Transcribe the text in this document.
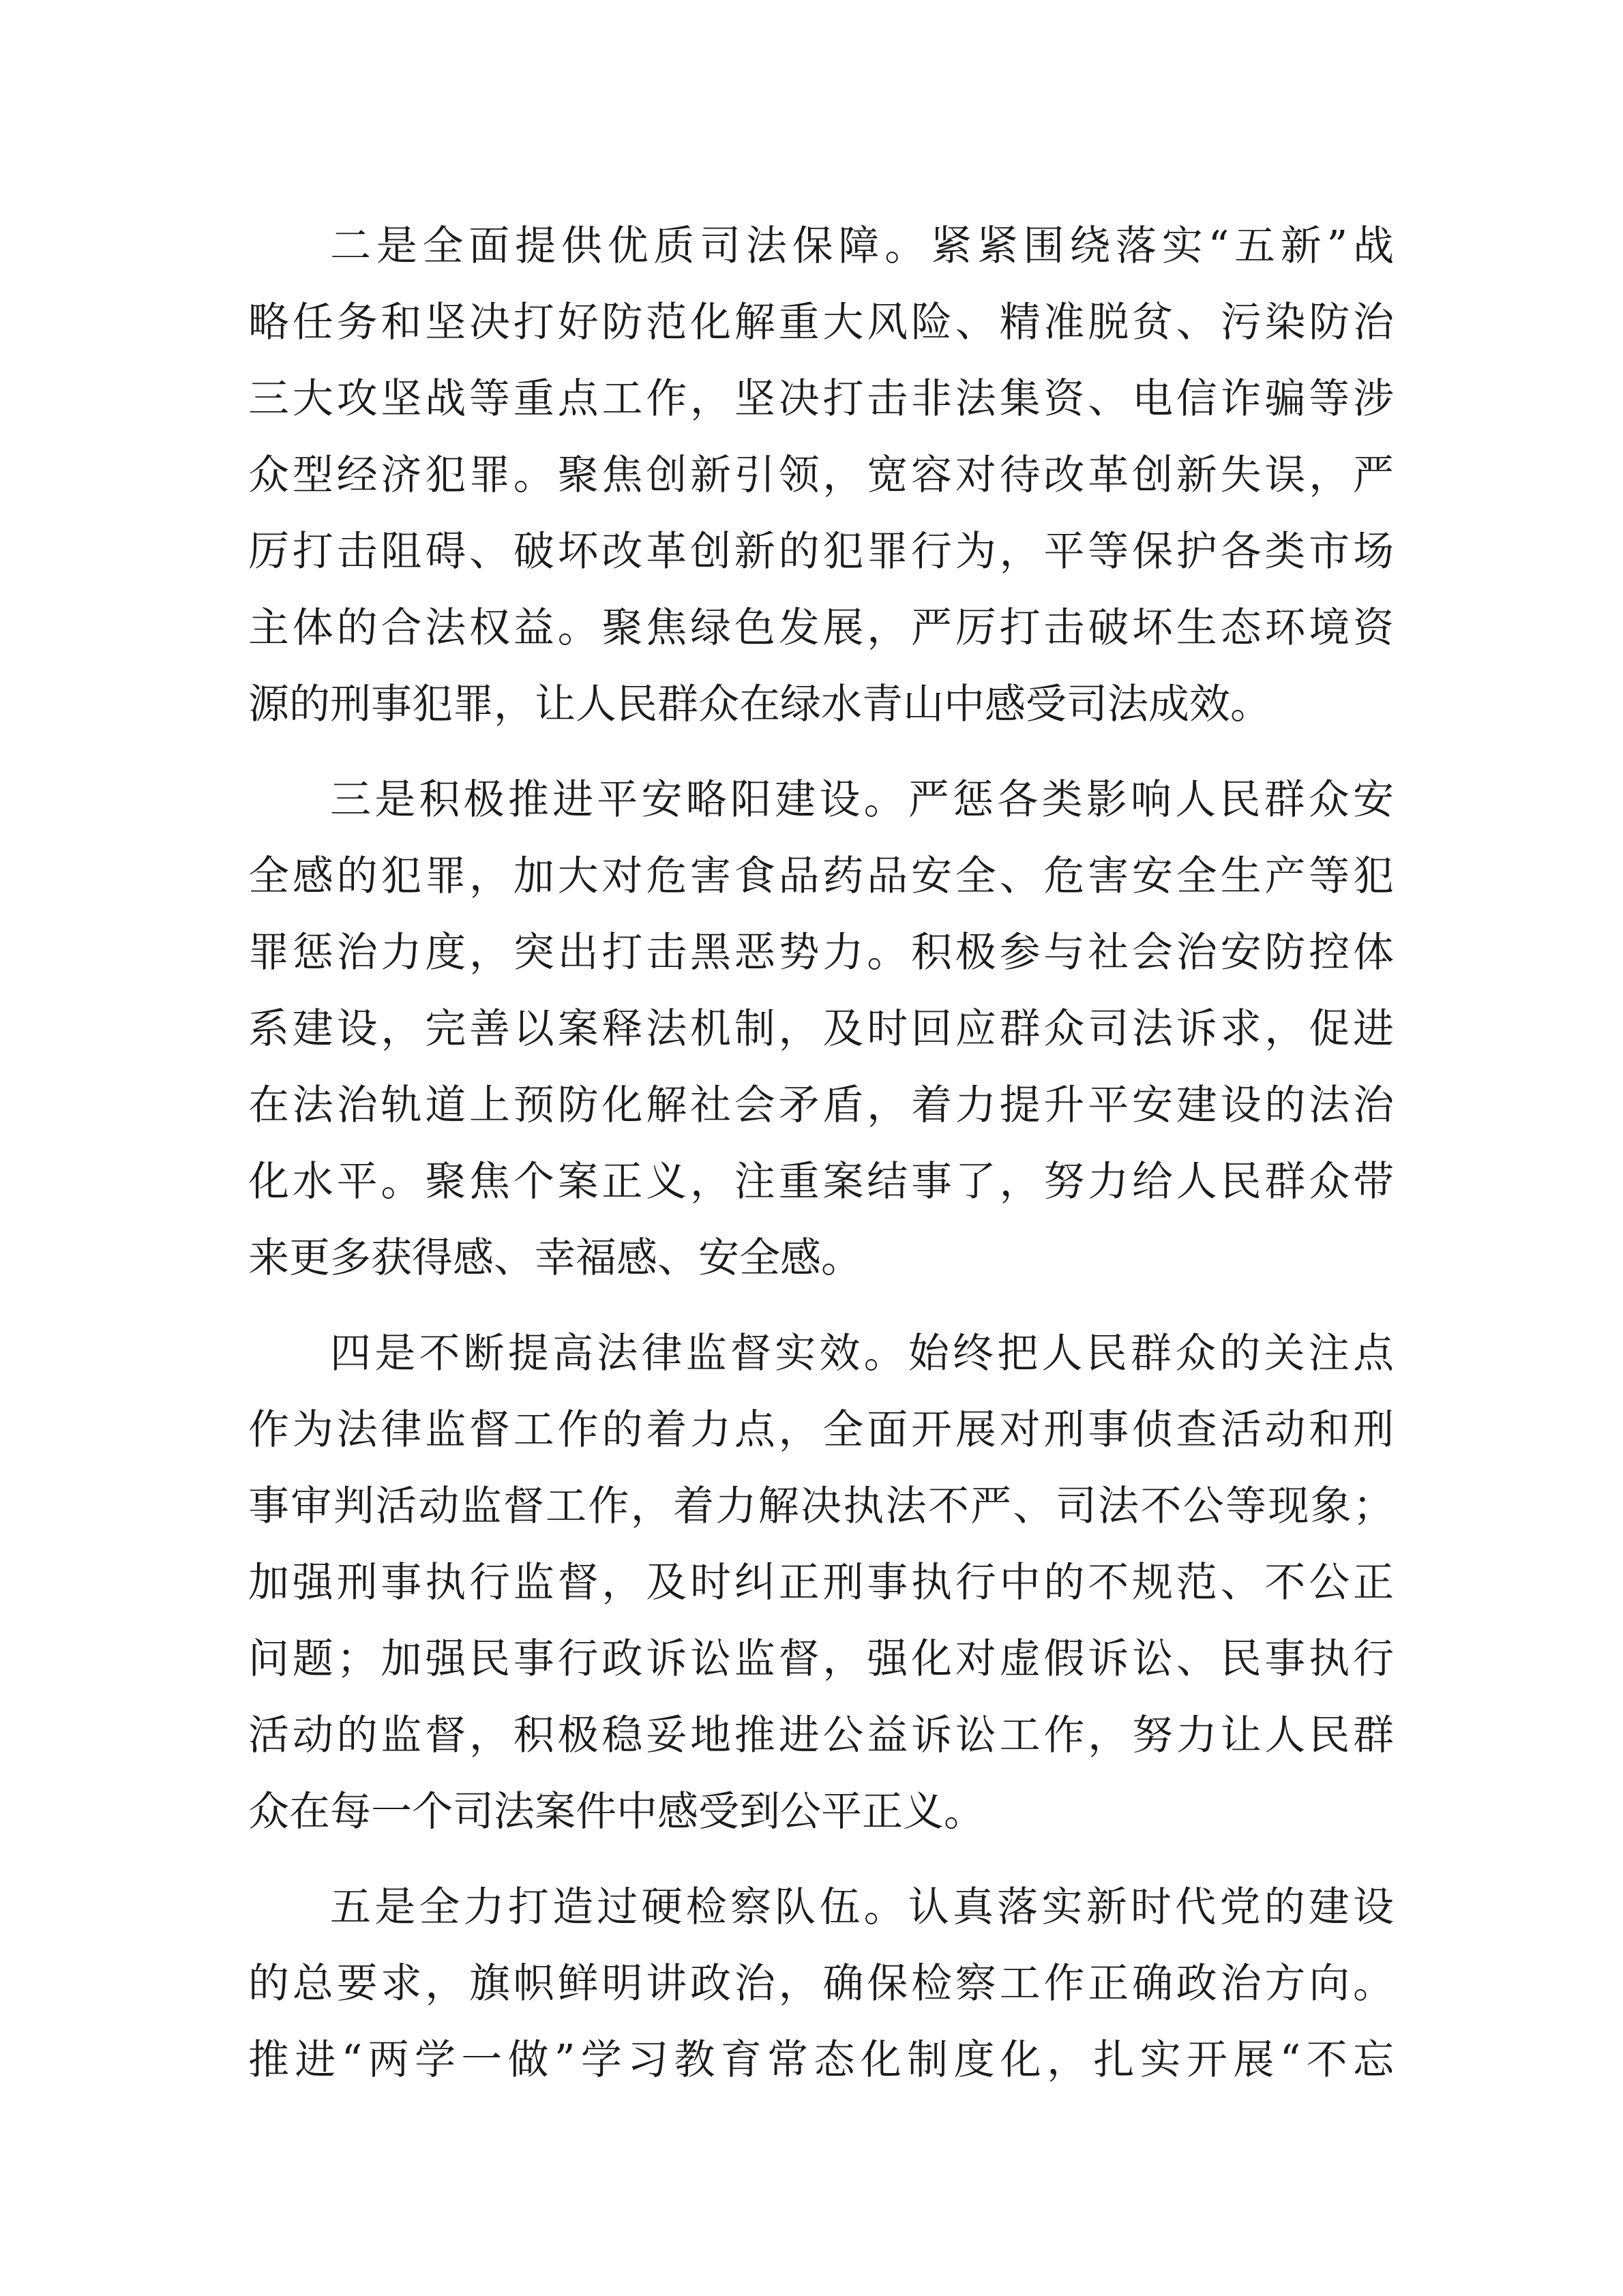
二是全面提供优质司法保障。紧紧围绕落实“五新”战
略任务和坚决打好防范化解重大风险、精准脱贫、污染防治
三大攻坚战等重点工作，坚决打击非法集资、电信诈骗等涉
众型经济犯罪。聚焦创新引领，宽容对待改革创新失误，严
厉打击阻碍、破坏改革创新的犯罪行为，平等保护各类市场
主体的合法权益。聚焦绿色发展，严厉打击破坏生态环境资
源的刑事犯罪，让人民群众在绿水青山中感受司法成效。
三是积极推进平安略阳建设。严惩各类影响人民群众安
全感的犯罪，加大对危害食品药品安全、危害安全生产等犯
罪惩治力度，突出打击黑恶势力。积极参与社会治安防控体
系建设，完善以案释法机制，及时回应群众司法诉求，促进
在法治轨道上预防化解社会矛盾，着力提升平安建设的法治
化水平。聚焦个案正义，注重案结事了，努力给人民群众带
来更多获得感、幸福感、安全感。
四是不断提高法律监督实效。始终把人民群众的关注点
作为法律监督工作的着力点，全面开展对刑事侦查活动和刑
事审判活动监督工作，着力解决执法不严、司法不公等现象；
加强刑事执行监督，及时纠正刑事执行中的不规范、不公正
问题；加强民事行政诉讼监督，强化对虚假诉讼、民事执行
活动的监督，积极稳妥地推进公益诉讼工作，努力让人民群
众在每一个司法案件中感受到公平正义。
五是全力打造过硬检察队伍。认真落实新时代党的建设
的总要求，旗帜鲜明讲政治，确保检察工作正确政治方向。
推进“两学一做”学习教育常态化制度化，扎实开展“不忘
